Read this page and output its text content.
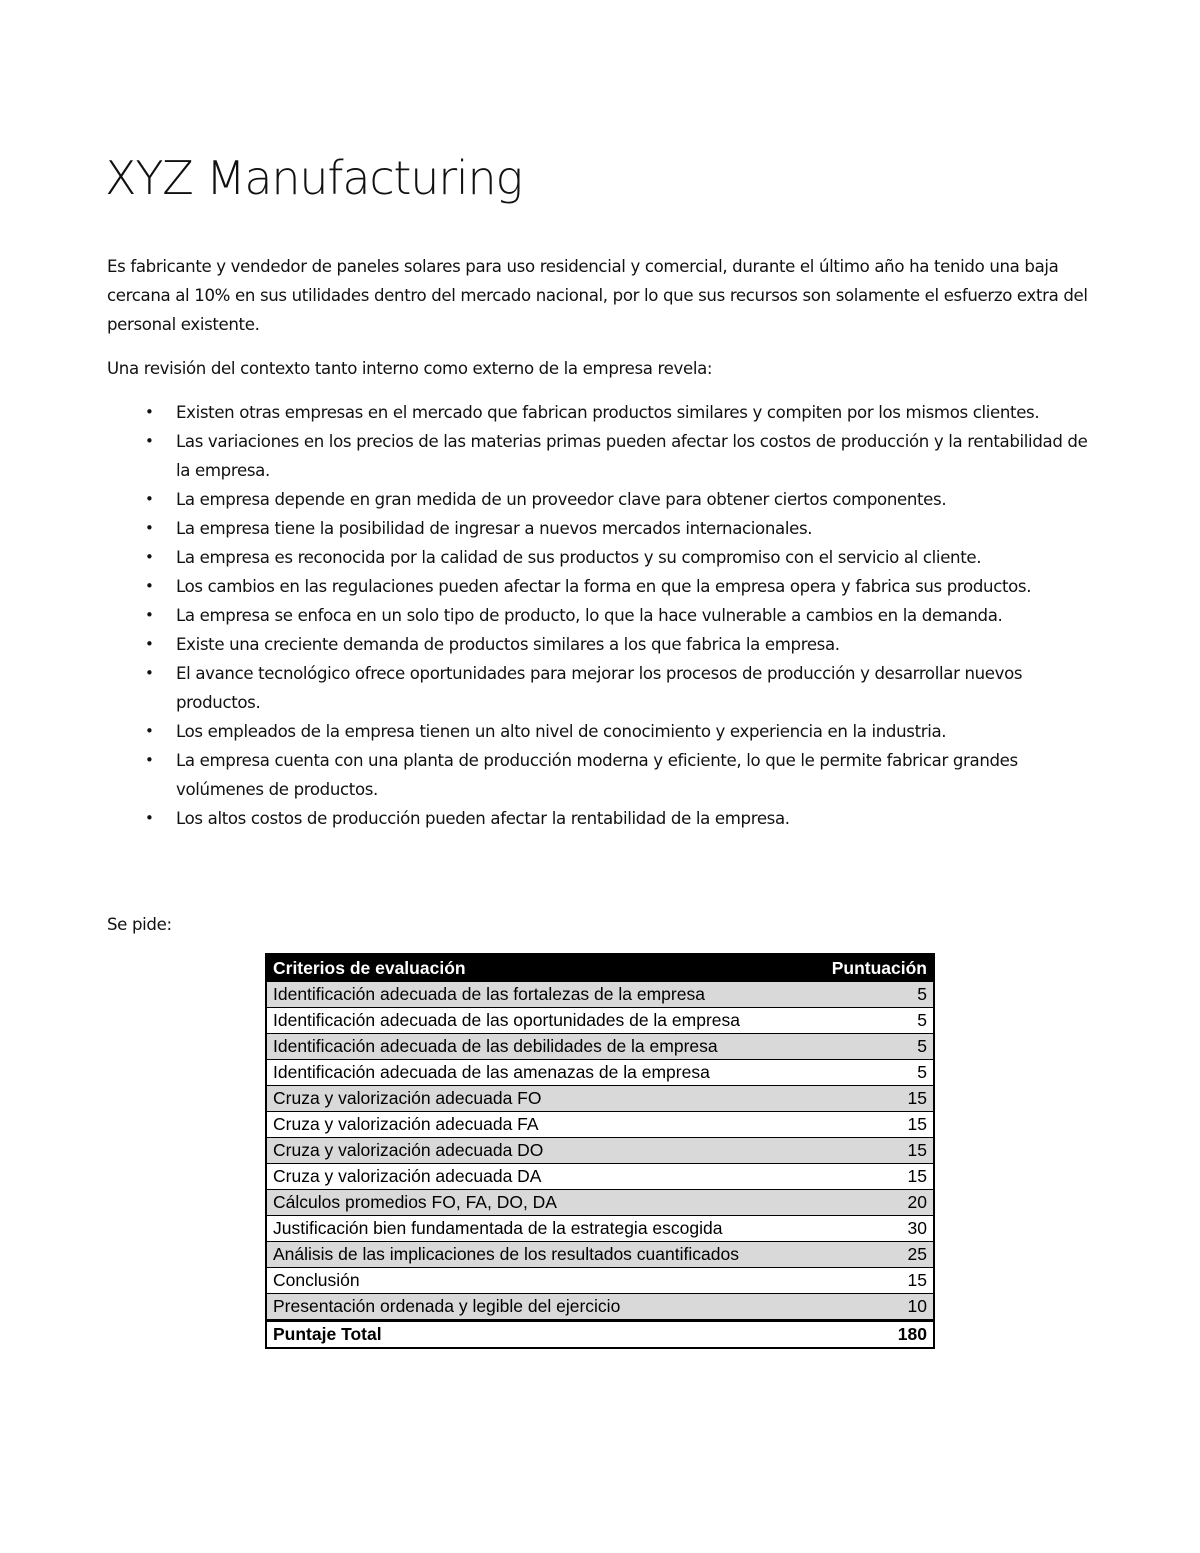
XYZ Manufacturing

Es fabricante y vendedor de paneles solares para uso residencial y comercial, durante el último año ha tenido una baja cercana al 10% en sus utilidades dentro del mercado nacional, por lo que sus recursos son solamente el esfuerzo extra del personal existente.

Una revisión del contexto tanto interno como externo de la empresa revela:

• Existen otras empresas en el mercado que fabrican productos similares y compiten por los mismos clientes.
• Las variaciones en los precios de las materias primas pueden afectar los costos de producción y la rentabilidad de la empresa.
• La empresa depende en gran medida de un proveedor clave para obtener ciertos componentes.
• La empresa tiene la posibilidad de ingresar a nuevos mercados internacionales.
• La empresa es reconocida por la calidad de sus productos y su compromiso con el servicio al cliente.
• Los cambios en las regulaciones pueden afectar la forma en que la empresa opera y fabrica sus productos.
• La empresa se enfoca en un solo tipo de producto, lo que la hace vulnerable a cambios en la demanda.
• Existe una creciente demanda de productos similares a los que fabrica la empresa.
• El avance tecnológico ofrece oportunidades para mejorar los procesos de producción y desarrollar nuevos productos.
• Los empleados de la empresa tienen un alto nivel de conocimiento y experiencia en la industria.
• La empresa cuenta con una planta de producción moderna y eficiente, lo que le permite fabricar grandes volúmenes de productos.
• Los altos costos de producción pueden afectar la rentabilidad de la empresa.

Se pide:

Criterios de evaluación	Puntuación
Identificación adecuada de las fortalezas de la empresa	5
Identificación adecuada de las oportunidades de la empresa	5
Identificación adecuada de las debilidades de la empresa	5
Identificación adecuada de las amenazas de la empresa	5
Cruza y valorización adecuada FO	15
Cruza y valorización adecuada FA	15
Cruza y valorización adecuada DO	15
Cruza y valorización adecuada DA	15
Cálculos promedios FO, FA, DO, DA	20
Justificación bien fundamentada de la estrategia escogida	30
Análisis de las implicaciones de los resultados cuantificados	25
Conclusión	15
Presentación ordenada y legible del ejercicio	10
Puntaje Total	180
